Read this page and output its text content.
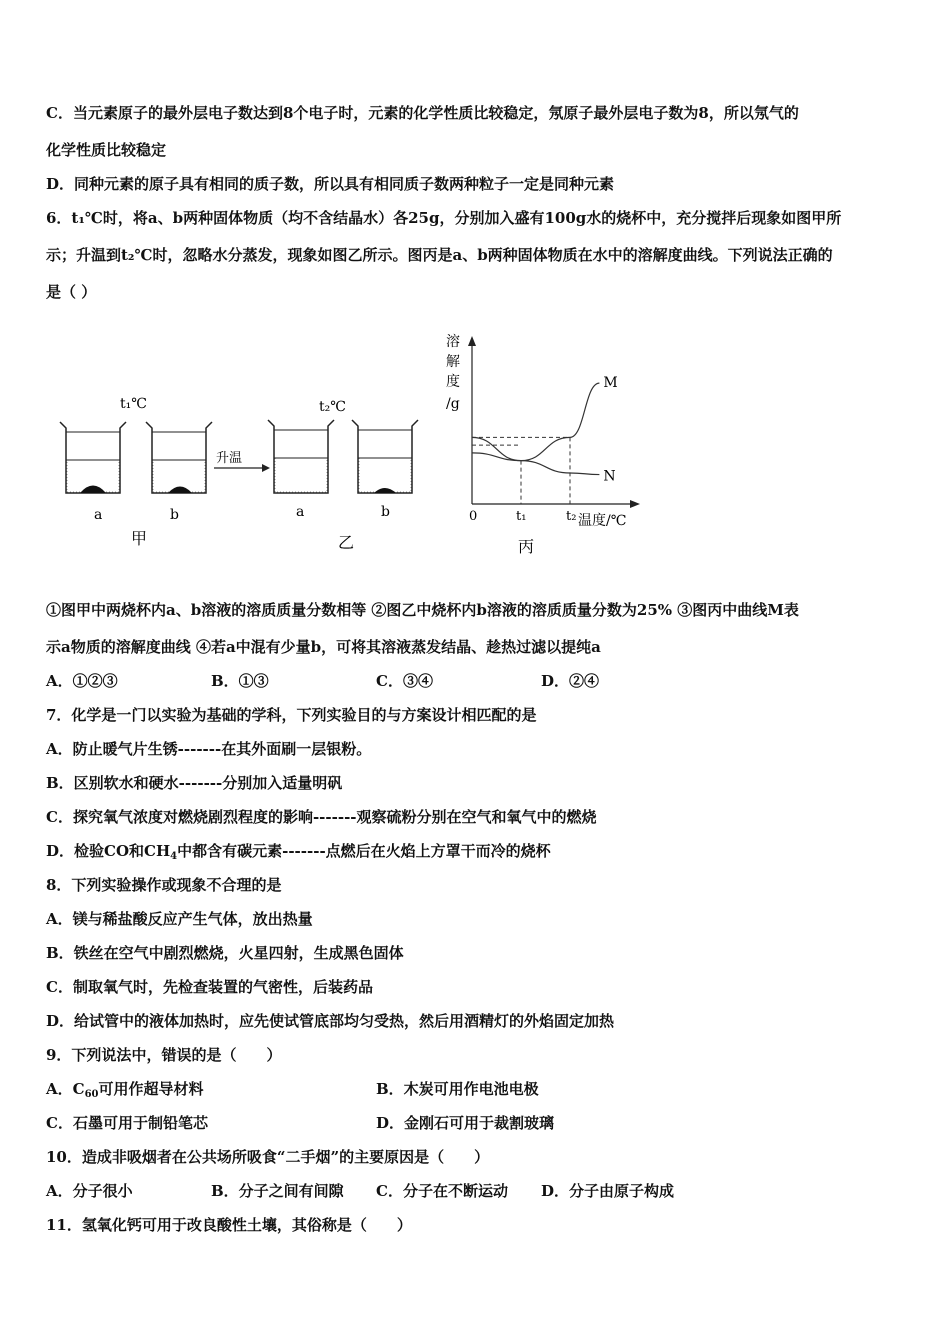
C．当元素原子的最外层电子数达到8个电子时，元素的化学性质比较稳定，氖原子最外层电子数为8，所以氖气的
化学性质比较稳定
D．同种元素的原子具有相同的质子数，所以具有相同质子数两种粒子一定是同种元素
6．t₁℃时，将a、b两种固体物质（均不含结晶水）各25g，分别加入盛有100g水的烧杯中，充分搅拌后现象如图甲所
示；升温到t₂℃时，忽略水分蒸发，现象如图乙所示。图丙是a、b两种固体物质在水中的溶解度曲线。下列说法正确的
是（ ）
t₁℃	t₂℃
升温
a	b	a	b
甲	乙
溶
解
度
/g
0	t₁	t₂ 温度/℃
丙
M
N
①图甲中两烧杯内a、b溶液的溶质质量分数相等 ②图乙中烧杯内b溶液的溶质质量分数为25% ③图丙中曲线M表
示a物质的溶解度曲线 ④若a中混有少量b，可将其溶液蒸发结晶、趁热过滤以提纯a
A．①②③	B．①③	C．③④	D．②④
7．化学是一门以实验为基础的学科，下列实验目的与方案设计相匹配的是
A．防止暖气片生锈-------在其外面刷一层银粉。
B．区别软水和硬水-------分别加入适量明矾
C．探究氧气浓度对燃烧剧烈程度的影响-------观察硫粉分别在空气和氧气中的燃烧
D．检验CO和$CH_4$中都含有碳元素-------点燃后在火焰上方罩干而冷的烧杯
8．下列实验操作或现象不合理的是
A．镁与稀盐酸反应产生气体，放出热量
B．铁丝在空气中剧烈燃烧，火星四射，生成黑色固体
C．制取氧气时，先检查装置的气密性，后装药品
D．给试管中的液体加热时，应先使试管底部均匀受热，然后用酒精灯的外焰固定加热
9．下列说法中，错误的是（　　）
A．$C_{60}$可用作超导材料	B．木炭可用作电池电极
C．石墨可用于制铅笔芯	D．金刚石可用于裁割玻璃
10．造成非吸烟者在公共场所吸食“二手烟”的主要原因是（　　）
A．分子很小	B．分子之间有间隙 C．分子在不断运动 D．分子由原子构成
11．氢氧化钙可用于改良酸性土壤，其俗称是（　　）
